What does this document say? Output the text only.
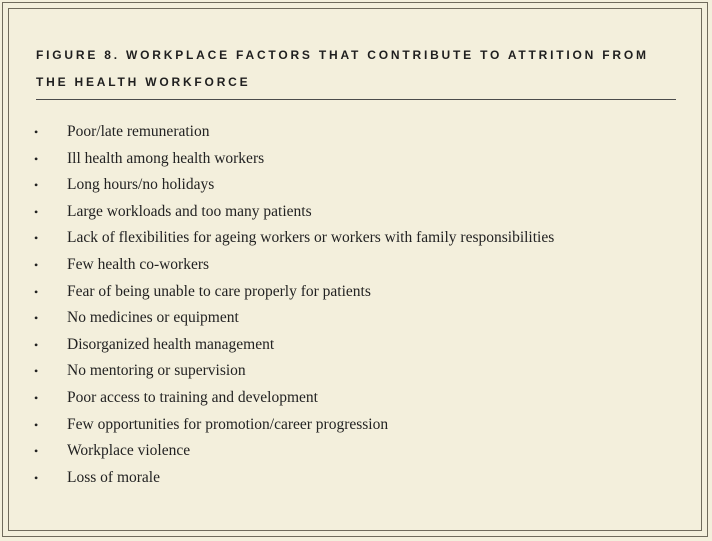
FIGURE 8. WORKPLACE FACTORS THAT CONTRIBUTE TO ATTRITION FROM
THE HEALTH WORKFORCE
• Poor/late remuneration
• Ill health among health workers
• Long hours/no holidays
• Large workloads and too many patients
• Lack of flexibilities for ageing workers or workers with family responsibilities
• Few health co-workers
• Fear of being unable to care properly for patients
• No medicines or equipment
• Disorganized health management
• No mentoring or supervision
• Poor access to training and development
• Few opportunities for promotion/career progression
• Workplace violence
• Loss of morale
